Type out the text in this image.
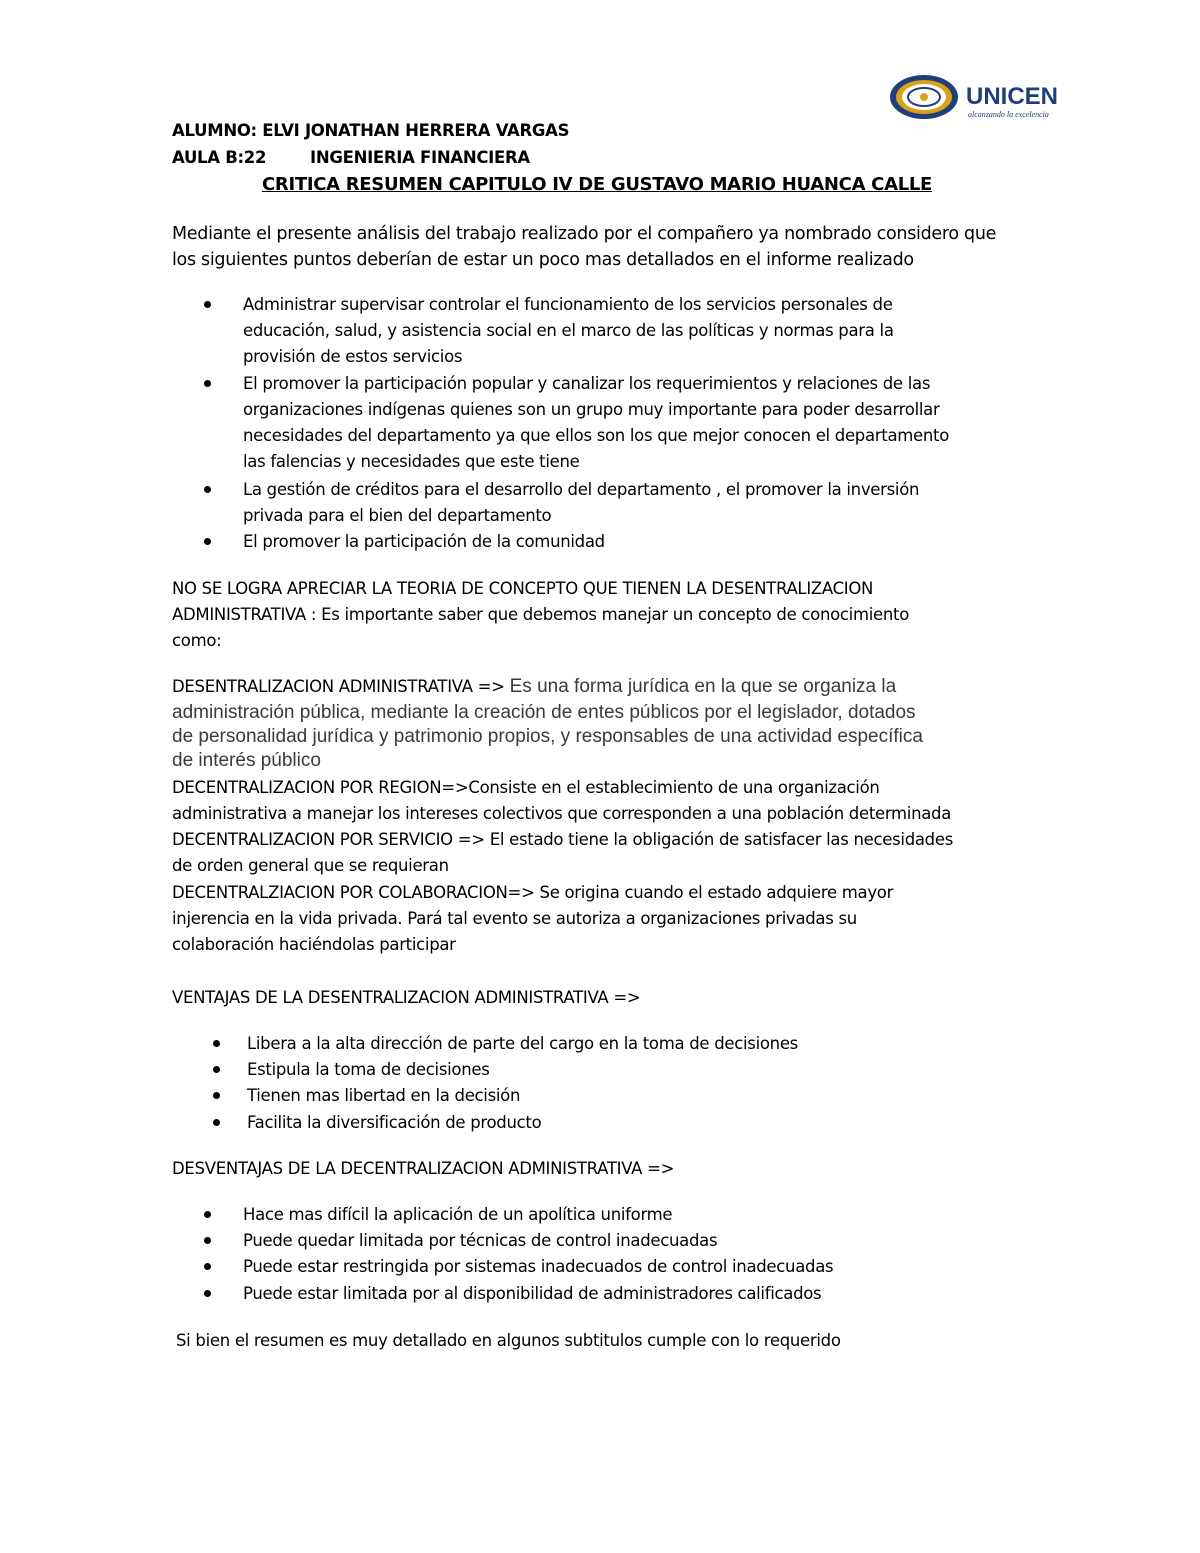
UNICEN
alcanzando la excelencia
ALUMNO: ELVI JONATHAN HERRERA VARGAS
AULA B:22	INGENIERIA FINANCIERA
CRITICA RESUMEN CAPITULO IV DE GUSTAVO MARIO HUANCA CALLE
Mediante el presente análisis del trabajo realizado por el compañero ya nombrado considero que
los siguientes puntos deberían de estar un poco mas detallados en el informe realizado
Administrar supervisar controlar el funcionamiento de los servicios personales de
educación, salud, y asistencia social en el marco de las políticas y normas para la
provisión de estos servicios
El promover la participación popular y canalizar los requerimientos y relaciones de las
organizaciones indígenas quienes son un grupo muy importante para poder desarrollar
necesidades del departamento ya que ellos son los que mejor conocen el departamento
las falencias y necesidades que este tiene
La gestión de créditos para el desarrollo del departamento , el promover la inversión
privada para el bien del departamento
El promover la participación de la comunidad
NO SE LOGRA APRECIAR LA TEORIA DE CONCEPTO QUE TIENEN LA DESENTRALIZACION
ADMINISTRATIVA : Es importante saber que debemos manejar un concepto de conocimiento
como:
DESENTRALIZACION ADMINISTRATIVA => Es una forma jurídica en la que se organiza la
administración pública, mediante la creación de entes públicos por el legislador, dotados
de personalidad jurídica y patrimonio propios, y responsables de una actividad específica
de interés público
DECENTRALIZACION POR REGION=>Consiste en el establecimiento de una organización
administrativa a manejar los intereses colectivos que corresponden a una población determinada
DECENTRALIZACION POR SERVICIO => El estado tiene la obligación de satisfacer las necesidades
de orden general que se requieran
DECENTRALZIACION POR COLABORACION=> Se origina cuando el estado adquiere mayor
injerencia en la vida privada. Pará tal evento se autoriza a organizaciones privadas su
colaboración haciéndolas participar
VENTAJAS DE LA DESENTRALIZACION ADMINISTRATIVA =>
Libera a la alta dirección de parte del cargo en la toma de decisiones
Estipula la toma de decisiones
Tienen mas libertad en la decisión
Facilita la diversificación de producto
DESVENTAJAS DE LA DECENTRALIZACION ADMINISTRATIVA =>
Hace mas difícil la aplicación de un apolítica uniforme
Puede quedar limitada por técnicas de control inadecuadas
Puede estar restringida por sistemas inadecuados de control inadecuadas
Puede estar limitada por al disponibilidad de administradores calificados
Si bien el resumen es muy detallado en algunos subtitulos cumple con lo requerido
